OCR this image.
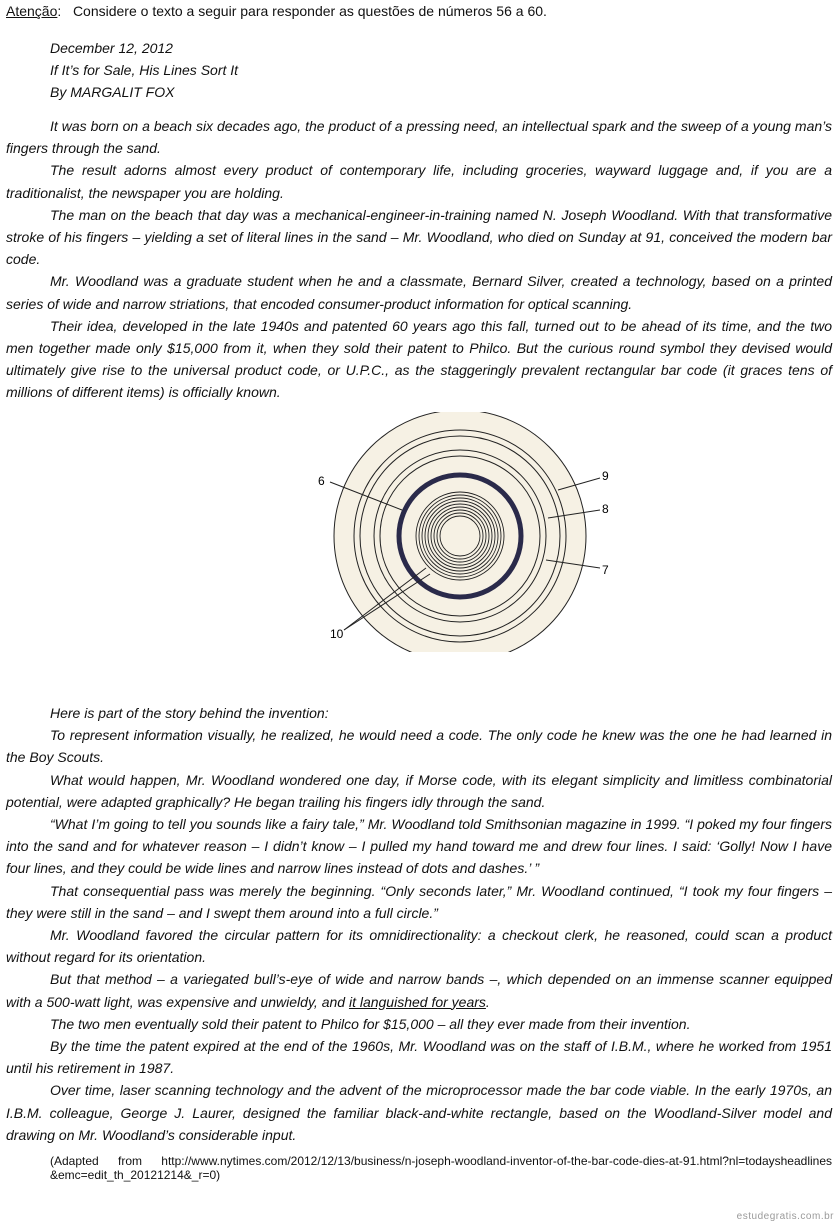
Atenção:   Considere o texto a seguir para responder as questões de números 56 a 60.
December 12, 2012
If It’s for Sale, His Lines Sort It
By MARGALIT FOX

It was born on a beach six decades ago, the product of a pressing need, an intellectual spark and the sweep of a young man’s fingers through the sand.

The result adorns almost every product of contemporary life, including groceries, wayward luggage and, if you are a traditionalist, the newspaper you are holding.

The man on the beach that day was a mechanical-engineer-in-training named N. Joseph Woodland. With that transformative stroke of his fingers – yielding a set of literal lines in the sand – Mr. Woodland, who died on Sunday at 91, conceived the modern bar code.

Mr. Woodland was a graduate student when he and a classmate, Bernard Silver, created a technology, based on a printed series of wide and narrow striations, that encoded consumer-product information for optical scanning.

Their idea, developed in the late 1940s and patented 60 years ago this fall, turned out to be ahead of its time, and the two men together made only $15,000 from it, when they sold their patent to Philco. But the curious round symbol they devised would ultimately give rise to the universal product code, or U.P.C., as the staggeringly prevalent rectangular bar code (it graces tens of millions of different items) is officially known.

6	9
8
7
10

Here is part of the story behind the invention:

To represent information visually, he realized, he would need a code. The only code he knew was the one he had learned in the Boy Scouts.

What would happen, Mr. Woodland wondered one day, if Morse code, with its elegant simplicity and limitless combinatorial potential, were adapted graphically? He began trailing his fingers idly through the sand.

“What I’m going to tell you sounds like a fairy tale,” Mr. Woodland told Smithsonian magazine in 1999. “I poked my four fingers into the sand and for whatever reason – I didn’t know – I pulled my hand toward me and drew four lines. I said: ‘Golly! Now I have four lines, and they could be wide lines and narrow lines instead of dots and dashes.’ ”

That consequential pass was merely the beginning. “Only seconds later,” Mr. Woodland continued, “I took my four fingers – they were still in the sand – and I swept them around into a full circle.”

Mr. Woodland favored the circular pattern for its omnidirectionality: a checkout clerk, he reasoned, could scan a product without regard for its orientation.

But that method – a variegated bull’s-eye of wide and narrow bands –, which depended on an immense scanner equipped with a 500-watt light, was expensive and unwieldy, and it languished for years.

The two men eventually sold their patent to Philco for $15,000 – all they ever made from their invention.

By the time the patent expired at the end of the 1960s, Mr. Woodland was on the staff of I.B.M., where he worked from 1951 until his retirement in 1987.

Over time, laser scanning technology and the advent of the microprocessor made the bar code viable. In the early 1970s, an I.B.M. colleague, George J. Laurer, designed the familiar black-and-white rectangle, based on the Woodland-Silver model and drawing on Mr. Woodland’s considerable input.

(Adapted from http://www.nytimes.com/2012/12/13/business/n-joseph-woodland-inventor-of-the-bar-code-dies-at-91.html?nl=todaysheadlines &emc=edit_th_20121214&_r=0)
estudegratis.com.br
